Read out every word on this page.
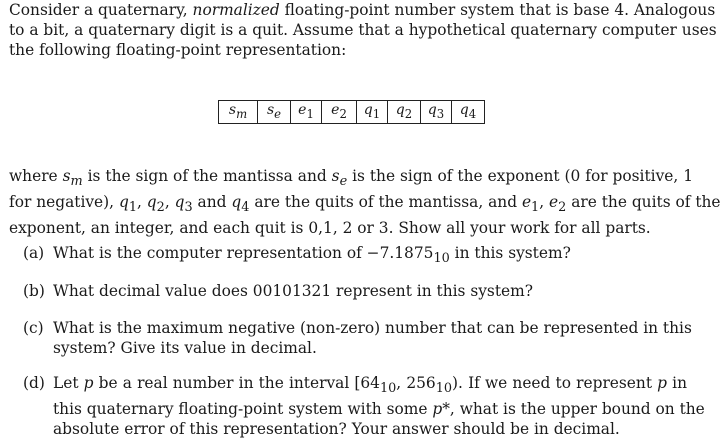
Consider a quaternary, normalized floating-point number system that is base 4. Analogous
to a bit, a quaternary digit is a quit. Assume that a hypothetical quaternary computer uses
the following floating-point representation:

$s_m$	$s_e$	$e_1$	$e_2$	$q_1$	$q_2$	$q_3$	$q_4$

where $s_m$ is the sign of the mantissa and $s_e$ is the sign of the exponent (0 for positive, 1
for negative), $q_1$, $q_2$, $q_3$ and $q_4$ are the quits of the mantissa, and $e_1$, $e_2$ are the quits of the
exponent, an integer, and each quit is 0,1, 2 or 3. Show all your work for all parts.

(a) What is the computer representation of $-7.1875_{10}$ in this system?
(b) What decimal value does 00101321 represent in this system?
(c) What is the maximum negative (non-zero) number that can be represented in this
system? Give its value in decimal.
(d) Let p be a real number in the interval [$64_{10}$, $256_{10}$). If we need to represent p in
this quaternary floating-point system with some p*, what is the upper bound on the
absolute error of this representation? Your answer should be in decimal.
